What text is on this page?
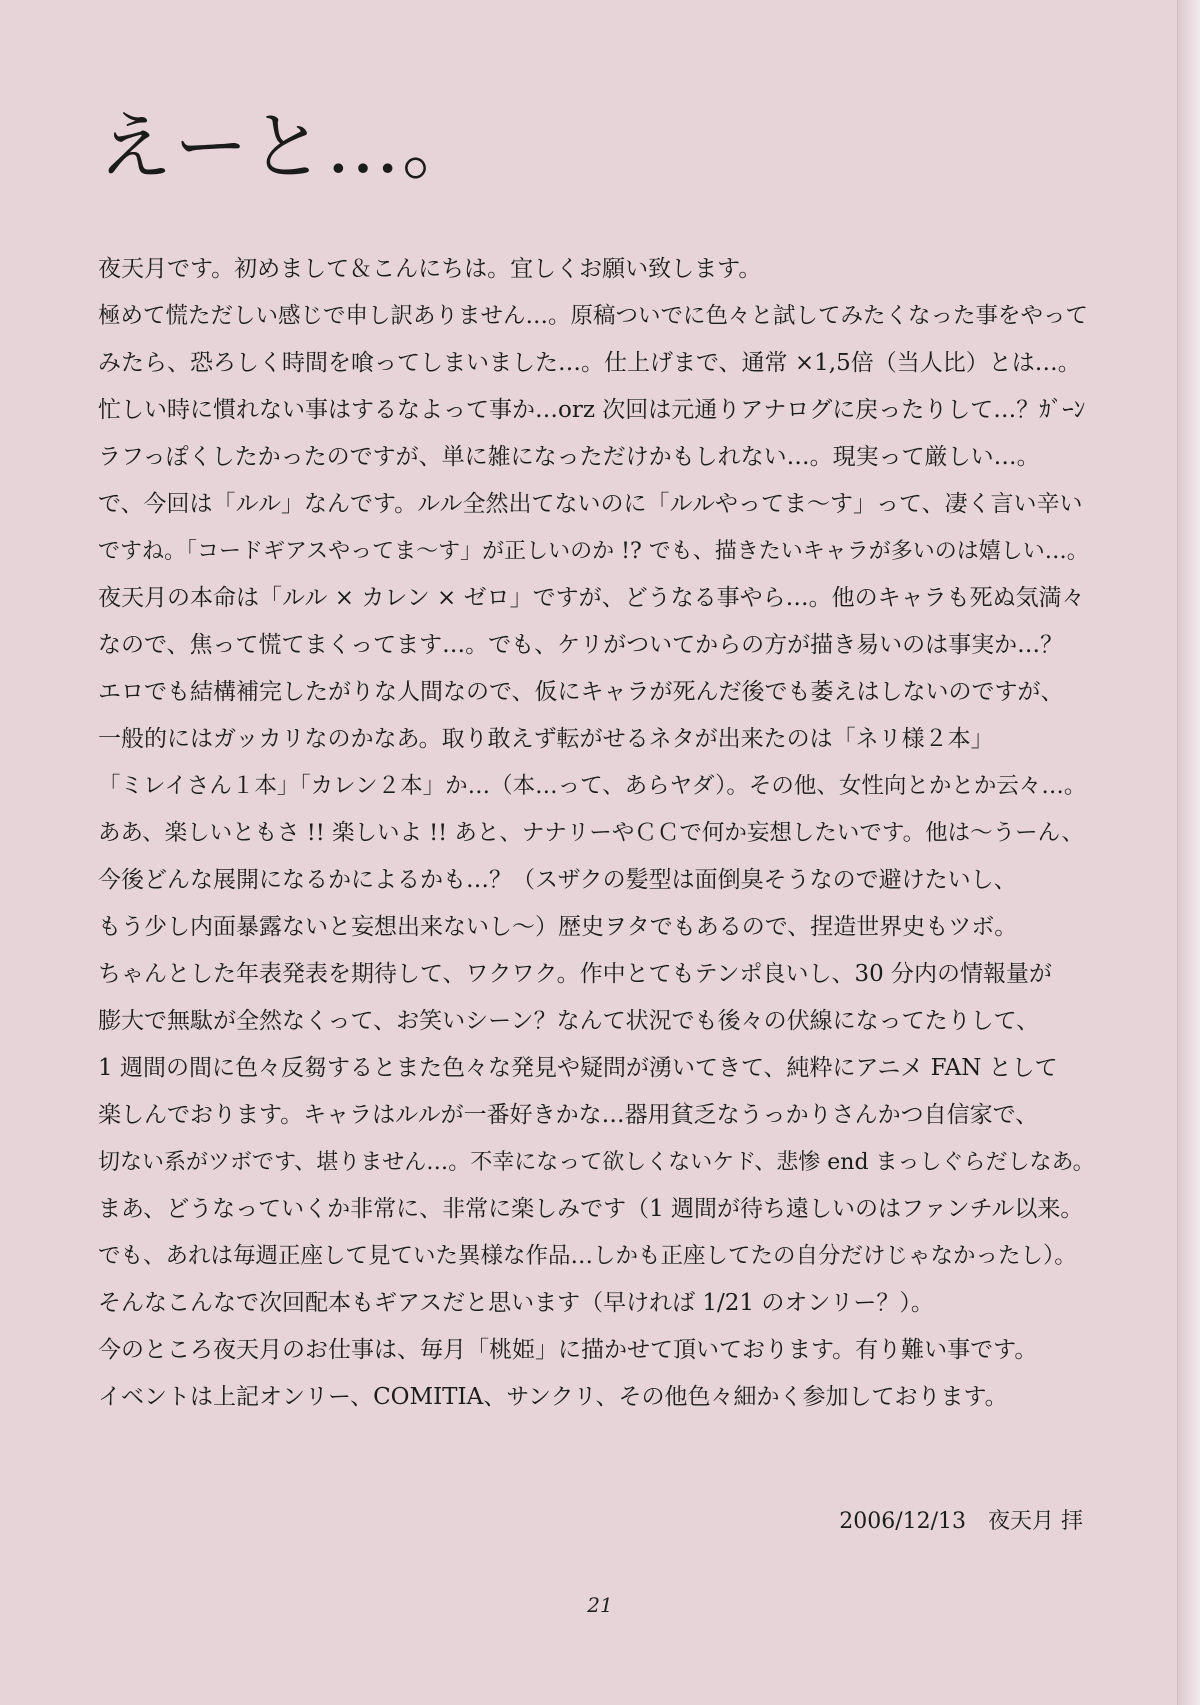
えーと…。
夜天月です。初めまして＆こんにちは。宜しくお願い致します。
極めて慌ただしい感じで申し訳ありません…。原稿ついでに色々と試してみたくなった事をやって
みたら、恐ろしく時間を喰ってしまいました…。仕上げまで、通常 ×1,5倍（当人比）とは…。
忙しい時に慣れない事はするなよって事か…orz 次回は元通りアナログに戻ったりして…？ｶﾞｰﾝ
ラフっぽくしたかったのですが、単に雑になっただけかもしれない…。現実って厳しい…。
で、今回は「ルル」なんです。ルル全然出てないのに「ルルやってま～す」って、凄く言い辛い
ですね。「コードギアスやってま～す」が正しいのか !? でも、描きたいキャラが多いのは嬉しい…。
夜天月の本命は「ルル × カレン × ゼロ」ですが、どうなる事やら…。他のキャラも死ぬ気満々
なので、焦って慌てまくってます…。でも、ケリがついてからの方が描き易いのは事実か…？
エロでも結構補完したがりな人間なので、仮にキャラが死んだ後でも萎えはしないのですが、
一般的にはガッカリなのかなあ。取り敢えず転がせるネタが出来たのは「ネリ様２本」
「ミレイさん１本」「カレン２本」か…（本…って、あらヤダ）。その他、女性向とかとか云々…。
ああ、楽しいともさ !! 楽しいよ !! あと、ナナリーやＣＣで何か妄想したいです。他は～うーん、
今後どんな展開になるかによるかも…？（スザクの髪型は面倒臭そうなので避けたいし、
もう少し内面暴露ないと妄想出来ないし～）歴史ヲタでもあるので、捏造世界史もツボ。
ちゃんとした年表発表を期待して、ワクワク。作中とてもテンポ良いし、30 分内の情報量が
膨大で無駄が全然なくって、お笑いシーン？なんて状況でも後々の伏線になってたりして、
1 週間の間に色々反芻するとまた色々な発見や疑問が湧いてきて、純粋にアニメ FAN として
楽しんでおります。キャラはルルが一番好きかな…器用貧乏なうっかりさんかつ自信家で、
切ない系がツボです、堪りません…。不幸になって欲しくないケド、悲惨 end まっしぐらだしなあ。
まあ、どうなっていくか非常に、非常に楽しみです（1 週間が待ち遠しいのはファンチル以来。
でも、あれは毎週正座して見ていた異様な作品…しかも正座してたの自分だけじゃなかったし）。
そんなこんなで次回配本もギアスだと思います（早ければ 1/21 のオンリー？）。
今のところ夜天月のお仕事は、毎月「桃姫」に描かせて頂いております。有り難い事です。
イベントは上記オンリー、COMITIA、サンクリ、その他色々細かく参加しております。
2006/12/13　夜天月 拝
21
